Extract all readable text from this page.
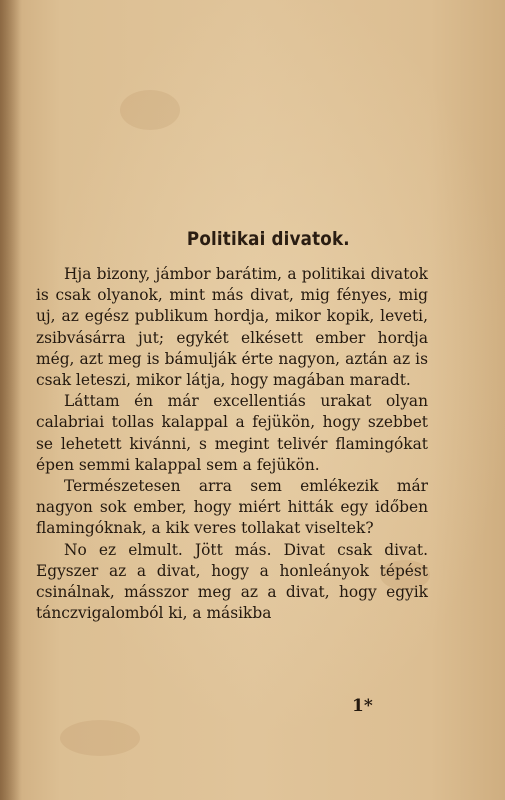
Politikai divatok.

Hja bizony, jámbor barátim, a politikai divatok is csak olyanok, mint más divat, mig fényes, mig uj, az egész publikum hordja, mikor kopik, leveti, zsibvásárra jut; egykét elkésett ember hordja még, azt meg is bámulják érte nagyon, aztán az is csak leteszi, mikor látja, hogy magában maradt.

Láttam én már excellentiás urakat olyan calabriai tollas kalappal a fejükön, hogy szebbet se lehetett kivánni, s megint telivér flamingókat épen semmi kalappal sem a fejükön.

Természetesen arra sem emlékezik már nagyon sok ember, hogy miért hitták egy időben flamingóknak, a kik veres tollakat viseltek?

No ez elmult. Jött más. Divat csak divat. Egyszer az a divat, hogy a honleányok tépést csinálnak, másszor meg az a divat, hogy egyik tánczvigalomból ki, a másikba

1*
